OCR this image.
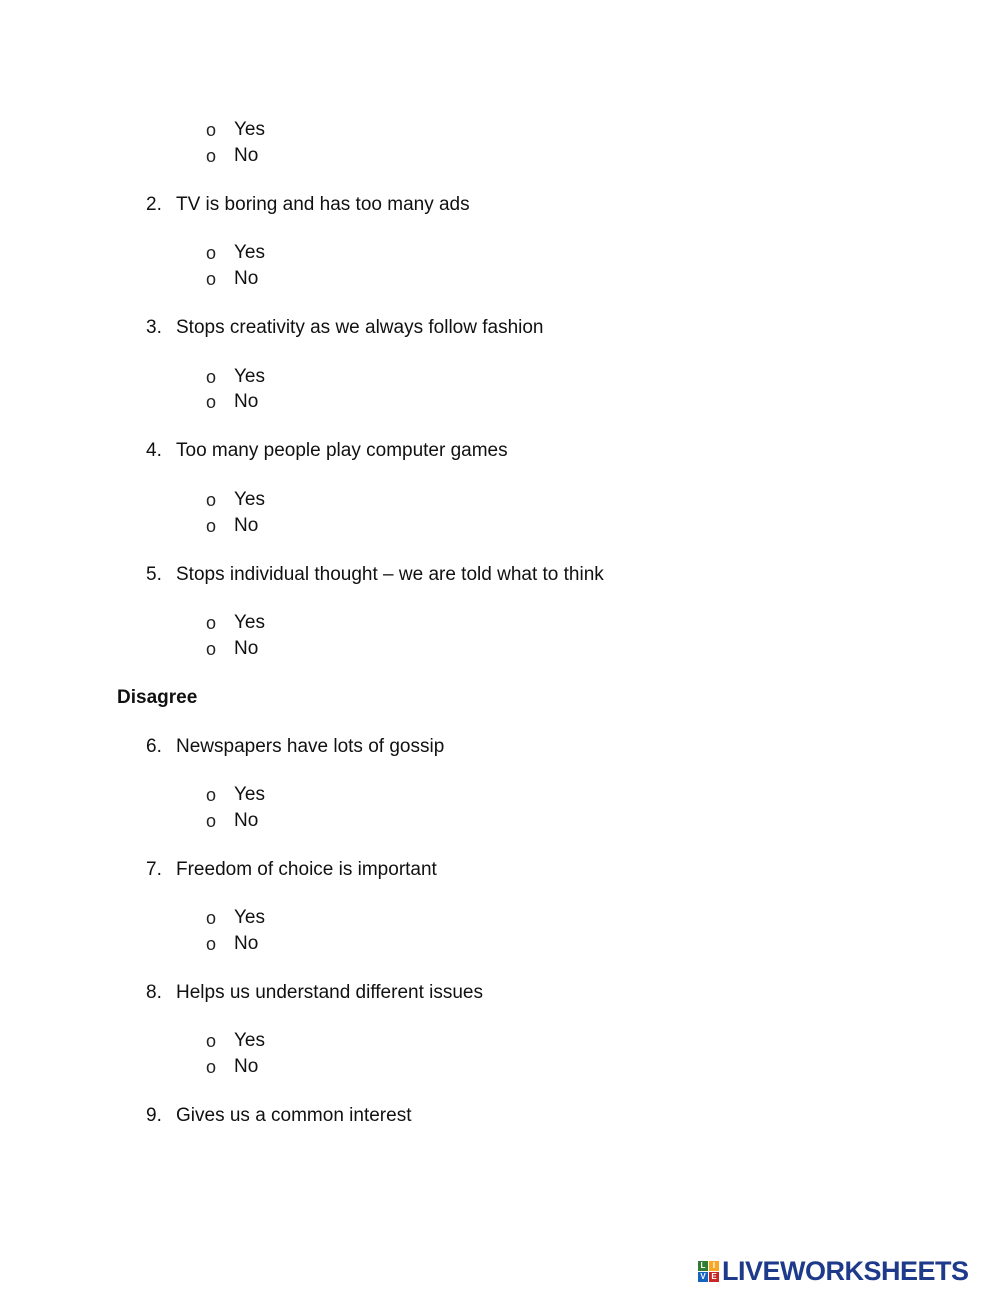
o Yes
o No
2. TV is boring and has too many ads
o Yes
o No
3. Stops creativity as we always follow fashion
o Yes
o No
4. Too many people play computer games
o Yes
o No
5. Stops individual thought – we are told what to think
o Yes
o No
Disagree
6. Newspapers have lots of gossip
o Yes
o No
7. Freedom of choice is important
o Yes
o No
8. Helps us understand different issues
o Yes
o No
9. Gives us a common interest
L I
V E LIVEWORKSHEETS
